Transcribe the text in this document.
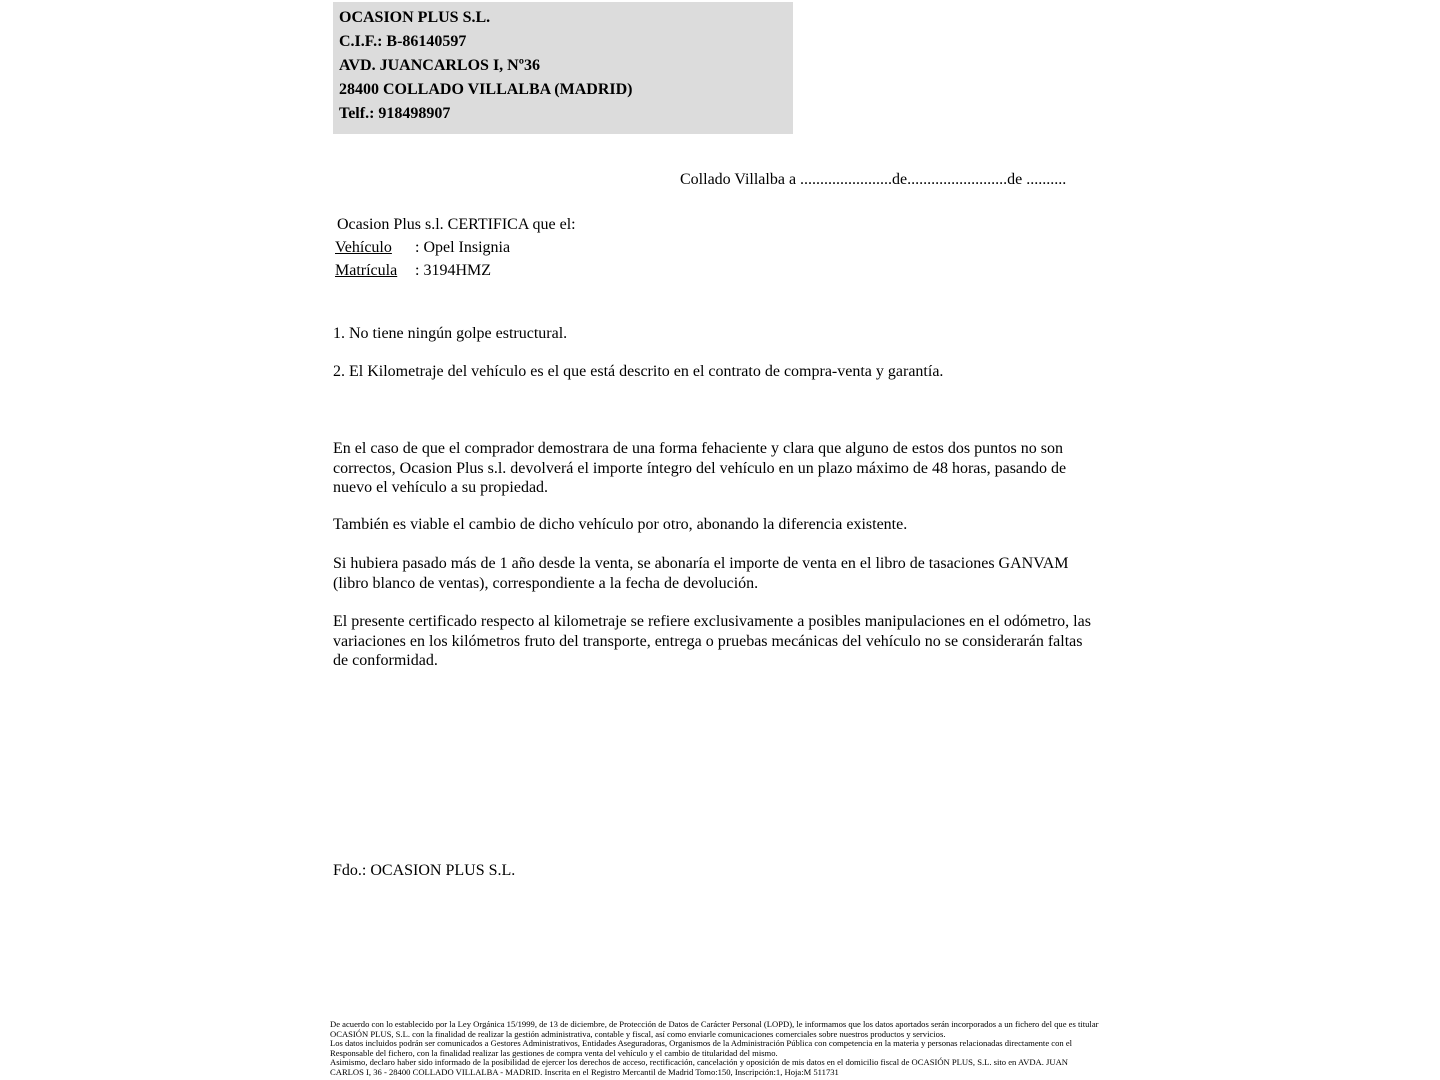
OCASION PLUS S.L.
C.I.F.: B-86140597
AVD. JUANCARLOS I, Nº36
28400 COLLADO VILLALBA (MADRID)
Telf.: 918498907
Collado Villalba a .......................de.........................de ..........
Ocasion Plus s.l. CERTIFICA que el:
Vehículo : Opel Insignia
Matrícula : 3194HMZ
1. No tiene ningún golpe estructural.
2. El Kilometraje del vehículo es el que está descrito en el contrato de compra-venta y garantía.
En el caso de que el comprador demostrara de una forma fehaciente y clara que alguno de estos dos puntos no son correctos, Ocasion Plus s.l. devolverá el importe íntegro del vehículo en un plazo máximo de 48 horas, pasando de nuevo el vehículo a su propiedad.
También es viable el cambio de dicho vehículo por otro, abonando la diferencia existente.
Si hubiera pasado más de 1 año desde la venta, se abonaría el importe de venta en el libro de tasaciones GANVAM (libro blanco de ventas), correspondiente a la fecha de devolución.
El presente certificado respecto al kilometraje se refiere exclusivamente a posibles manipulaciones en el odómetro, las variaciones en los kilómetros fruto del transporte, entrega o pruebas mecánicas del vehículo no se considerarán faltas de conformidad.
Fdo.: OCASION PLUS S.L.

De acuerdo con lo establecido por la Ley Orgánica 15/1999, de 13 de diciembre, de Protección de Datos de Carácter Personal (LOPD), le informamos que los datos aportados serán incorporados a un fichero del que es titular OCASIÓN PLUS, S.L. con la finalidad de realizar la gestión administrativa, contable y fiscal, así como enviarle comunicaciones comerciales sobre nuestros productos y servicios.

Los datos incluidos podrán ser comunicados a Gestores Administrativos, Entidades Aseguradoras, Organismos de la Administración Pública con competencia en la materia y personas relacionadas directamente con el Responsable del fichero, con la finalidad realizar las gestiones de compra venta del vehículo y el cambio de titularidad del mismo.

Asimismo, declaro haber sido informado de la posibilidad de ejercer los derechos de acceso, rectificación, cancelación y oposición de mis datos en el domicilio fiscal de OCASIÓN PLUS, S.L. sito en AVDA. JUAN CARLOS I, 36 - 28400 COLLADO VILLALBA - MADRID. Inscrita en el Registro Mercantil de Madrid Tomo:150, Inscripción:1, Hoja:M 511731
